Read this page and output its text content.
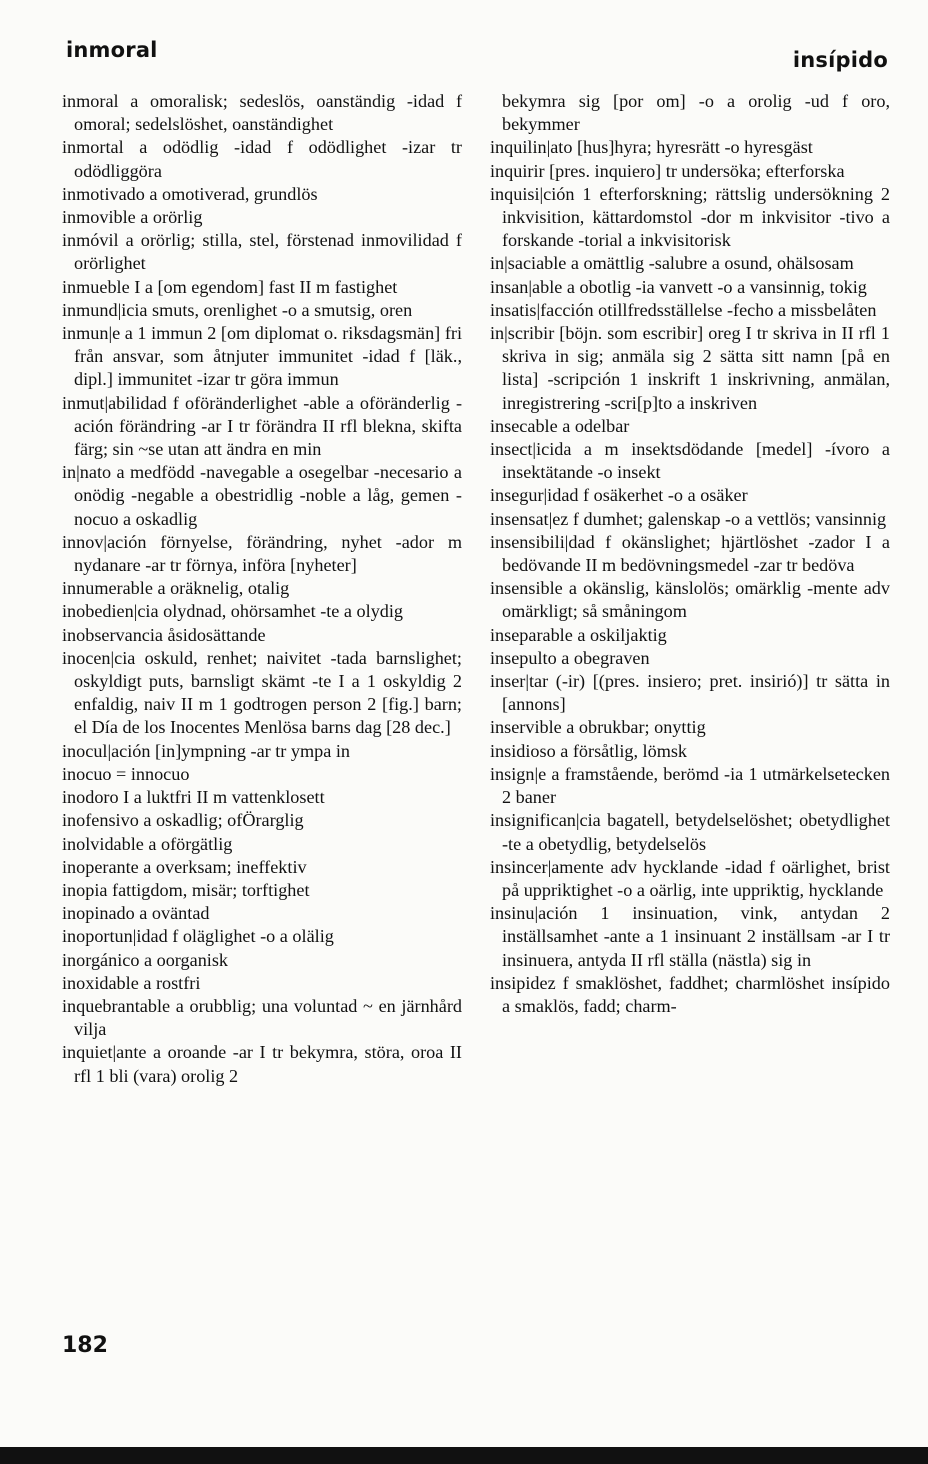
inmoral	insípido

inmoral a omoralisk; sedeslös, oanständig -idad f omoral; sedelslöshet, oanständighet

inmortal a odödlig -idad f odödlighet -izar tr odödliggöra

inmotivado a omotiverad, grundlös

inmovible a orörlig

inmóvil a orörlig; stilla, stel, förstenad inmovilidad f orörlighet

inmueble I a [om egendom] fast II m fastighet

inmund|icia smuts, orenlighet -o a smutsig, oren

inmun|e a 1 immun 2 [om diplomat o. riksdagsmän] fri från ansvar, som åtnjuter immunitet -idad f [läk., dipl.] immunitet -izar tr göra immun

inmut|abilidad f oföränderlighet -able a oföränderlig -ación förändring -ar I tr förändra II rfl blekna, skifta färg; sin ~se utan att ändra en min

in|nato a medfödd -navegable a osegelbar -necesario a onödig -negable a obestridlig -noble a låg, gemen -nocuo a oskadlig

innov|ación förnyelse, förändring, nyhet -ador m nydanare -ar tr förnya, införa [nyheter]

innumerable a oräknelig, otalig

inobedien|cia olydnad, ohörsamhet -te a olydig

inobservancia åsidosättande

inocen|cia oskuld, renhet; naivitet -tada barnslighet; oskyldigt puts, barnsligt skämt -te I a 1 oskyldig 2 enfaldig, naiv II m 1 godtrogen person 2 [fig.] barn; el Día de los Inocentes Menlösa barns dag [28 dec.]

inocul|ación [in]ympning -ar tr ympa in

inocuo = innocuo

inodoro I a luktfri II m vattenklosett

inofensivo a oskadlig; ofÖrarglig

inolvidable a oförgätlig

inoperante a overksam; ineffektiv

inopia fattigdom, misär; torftighet

inopinado a oväntad

inoportun|idad f oläglighet -o a olälig

inorgánico a oorganisk

inoxidable a rostfri

inquebrantable a orubblig; una voluntad ~ en järnhård vilja

inquiet|ante a oroande -ar I tr bekymra, störa, oroa II rfl 1 bli (vara) orolig 2

bekymra sig [por om] -o a orolig -ud f oro, bekymmer

inquilin|ato [hus]hyra; hyresrätt -o hyresgäst

inquirir [pres. inquiero] tr undersöka; efterforska

inquisi|ción 1 efterforskning; rättslig undersökning 2 inkvisition, kättardomstol -dor m inkvisitor -tivo a forskande -torial a inkvisitorisk

in|saciable a omättlig -salubre a osund, ohälsosam

insan|able a obotlig -ia vanvett -o a vansinnig, tokig

insatis|facción otillfredsställelse -fecho a missbelåten

in|scribir [böjn. som escribir] oreg I tr skriva in II rfl 1 skriva in sig; anmäla sig 2 sätta sitt namn [på en lista] -scripción 1 inskrift 1 inskrivning, anmälan, inregistrering -scri[p]to a inskriven

insecable a odelbar

insect|icida a m insektsdödande [medel] -ívoro a insektätande -o insekt

insegur|idad f osäkerhet -o a osäker

insensat|ez f dumhet; galenskap -o a vettlös; vansinnig

insensibili|dad f okänslighet; hjärtlöshet -zador I a bedövande II m bedövningsmedel -zar tr bedöva

insensible a okänslig, känslolös; omärklig -mente adv omärkligt; så småningom

inseparable a oskiljaktig

insepulto a obegraven

inser|tar (-ir) [(pres. insiero; pret. insirió)] tr sätta in [annons]

inservible a obrukbar; onyttig

insidioso a försåtlig, lömsk

insign|e a framstående, berömd -ia 1 utmärkelsetecken 2 baner

insignifican|cia bagatell, betydelselöshet; obetydlighet -te a obetydlig, betydelselös

insincer|amente adv hycklande -idad f oärlighet, brist på uppriktighet -o a oärlig, inte uppriktig, hycklande

insinu|ación 1 insinuation, vink, antydan 2 inställsamhet -ante a 1 insinuant 2 inställsam -ar I tr insinuera, antyda II rfl ställa (nästla) sig in

insipidez f smaklöshet, faddhet; charmlöshet insípido a smaklös, fadd; charm-

182
